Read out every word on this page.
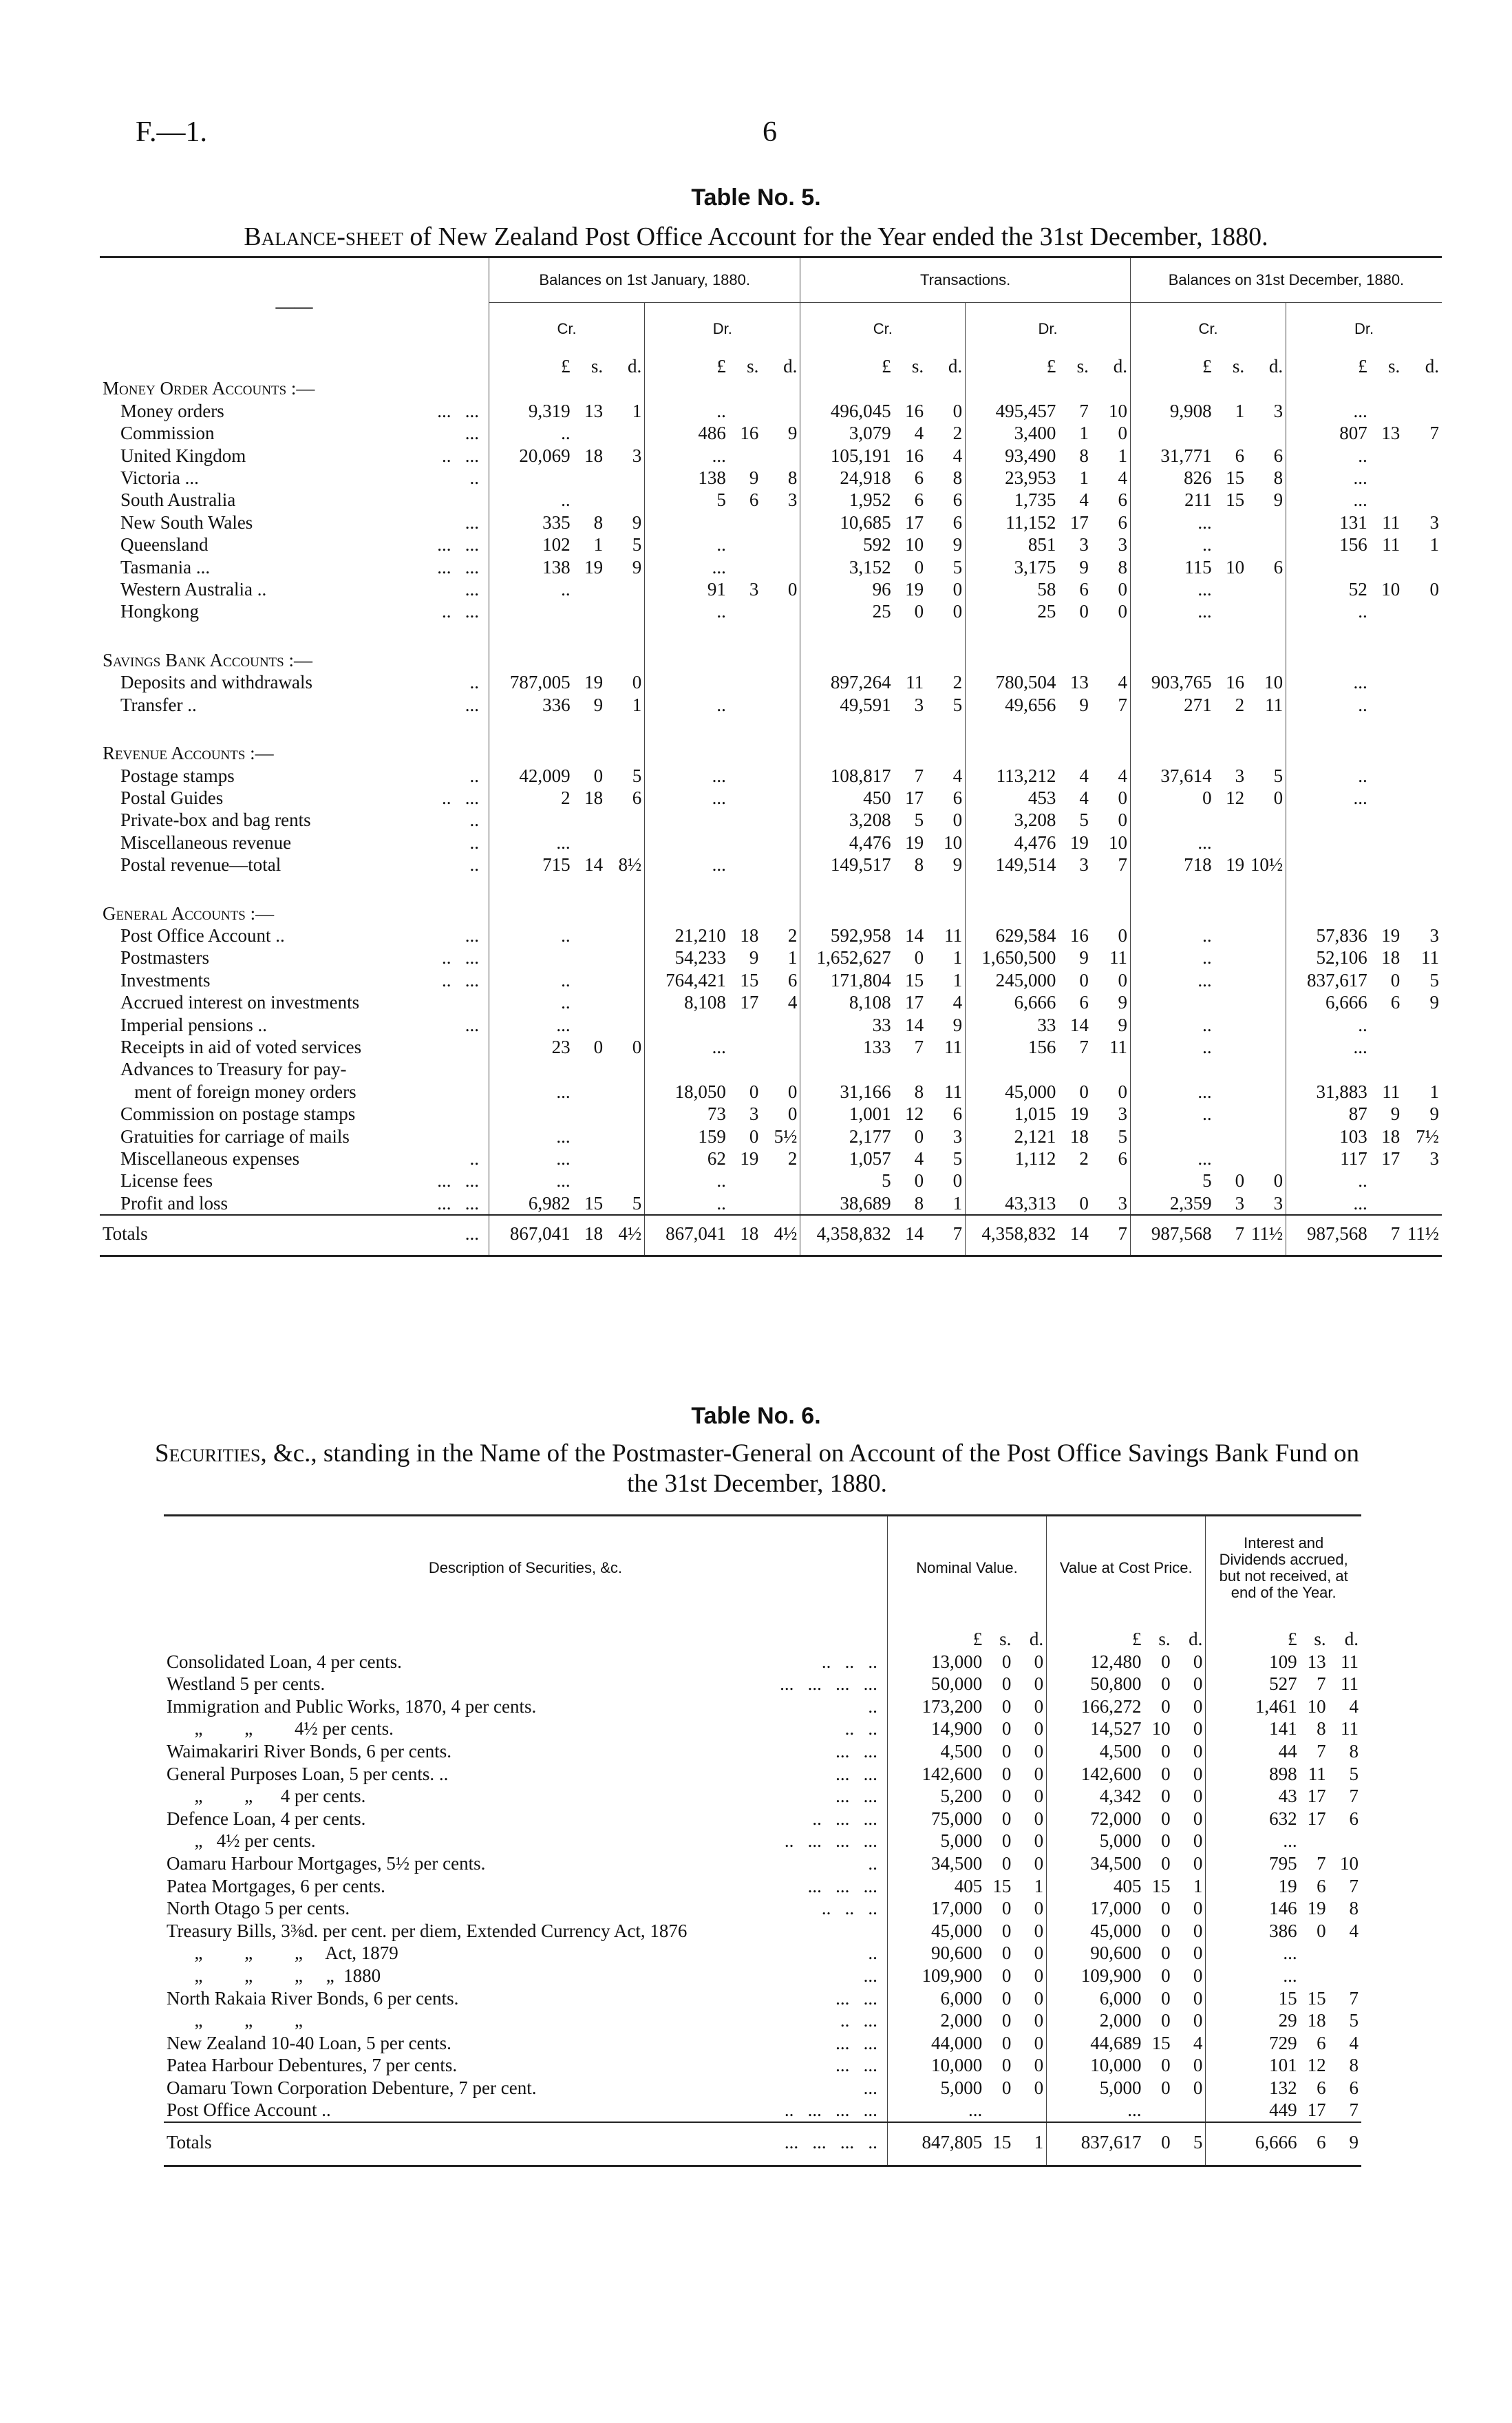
F.—1.	6
Table No. 5.
Balance-sheet of New Zealand Post Office Account for the Year ended the 31st December, 1880.
——	Balances on 1st January, 1880.						Transactions.						Balances on 31st December, 1880.					
	Cr.			Dr.			Cr.			Dr.			Cr.			Dr.		
	£	s.	d.	£	s.	d.	£	s.	d.	£	s.	d.	£	s.	d.	£	s.	d.
Money Order Accounts :—																		
Money orders ...   ...	9,319	13	1	..			496,045	16	0	495,457	7	10	9,908	1	3	...		
Commission ...	..			486	16	9	3,079	4	2	3,400	1	0				807	13	7
United Kingdom ..   ...	20,069	18	3	...			105,191	16	4	93,490	8	1	31,771	6	6	..		
Victoria ... ..				138	9	8	24,918	6	8	23,953	1	4	826	15	8	...		
South Australia	..			5	6	3	1,952	6	6	1,735	4	6	211	15	9	...		
New South Wales ...	335	8	9				10,685	17	6	11,152	17	6	...			131	11	3
Queensland ...   ...	102	1	5	..			592	10	9	851	3	3	..			156	11	1
Tasmania ... ...   ...	138	19	9	...			3,152	0	5	3,175	9	8	115	10	6			
Western Australia .. ...	..			91	3	0	96	19	0	58	6	0	...			52	10	0
Hongkong ..   ...				..			25	0	0	25	0	0	...			..		
Savings Bank Accounts :—																		
Deposits and withdrawals ..	787,005	19	0				897,264	11	2	780,504	13	4	903,765	16	10	...		
Transfer .. ...	336	9	1	..			49,591	3	5	49,656	9	7	271	2	11	..		
Revenue Accounts :—																		
Postage stamps ..	42,009	0	5	...			108,817	7	4	113,212	4	4	37,614	3	5	..		
Postal Guides ..   ...	2	18	6	...			450	17	6	453	4	0	0	12	0	...		
Private-box and bag rents ..							3,208	5	0	3,208	5	0						
Miscellaneous revenue ..	...						4,476	19	10	4,476	19	10	...					
Postal revenue—total ..	715	14	8½	...			149,517	8	9	149,514	3	7	718	19	10½			
General Accounts :—																		
Post Office Account .. ...	..			21,210	18	2	592,958	14	11	629,584	16	0	..			57,836	19	3
Postmasters ..   ...				54,233	9	1	1,652,627	0	1	1,650,500	9	11	..			52,106	18	11
Investments ..   ...	..			764,421	15	6	171,804	15	1	245,000	0	0	...			837,617	0	5
Accrued interest on investments	..			8,108	17	4	8,108	17	4	6,666	6	9				6,666	6	9
Imperial pensions .. ...	...						33	14	9	33	14	9	..			..		
Receipts in aid of voted services	23	0	0	...			133	7	11	156	7	11	..			...		
Advances to Treasury for pay-

ment of foreign money orders	...			18,050	0	0	31,166	8	11	45,000	0	0	...			31,883	11	1
Commission on postage stamps				73	3	0	1,001	12	6	1,015	19	3	..			87	9	9
Gratuities for carriage of mails	...			159	0	5½	2,177	0	3	2,121	18	5				103	18	7½
Miscellaneous expenses ..	...			62	19	2	1,057	4	5	1,112	2	6	...			117	17	3
License fees ...   ...	...			..			5	0	0				5	0	0	..		
Profit and loss ...   ...	6,982	15	5	..			38,689	8	1	43,313	0	3	2,359	3	3	...		
Totals ...	867,041	18	4½	867,041	18	4½	4,358,832	14	7	4,358,832	14	7	987,568	7	11½	987,568	7	11½
Table No. 6.
Securities, &c., standing in the Name of the Postmaster-General on Account of the Post Office Savings Bank Fund on the 31st December, 1880.
Description of Securities, &c.	Nominal Value.			Value at Cost Price.			Interest and Dividends accrued, but not received, at end of the Year.		
	£	s.	d.	£	s.	d.	£	s.	d.
Consolidated Loan, 4 per cents. ..   ..   ..	13,000	0	0	12,480	0	0	109	13	11
Westland 5 per cents. ...   ...   ...   ...	50,000	0	0	50,800	0	0	527	7	11
Immigration and Public Works, 1870, 4 per cents. ..	173,200	0	0	166,272	0	0	1,461	10	4
„         „         4½ per cents. ..   ..	14,900	0	0	14,527	10	0	141	8	11
Waimakariri River Bonds, 6 per cents. ...   ...	4,500	0	0	4,500	0	0	44	7	8
General Purposes Loan, 5 per cents. .. ...   ...	142,600	0	0	142,600	0	0	898	11	5
„         „      4 per cents. ...   ...	5,200	0	0	4,342	0	0	43	17	7
Defence Loan, 4 per cents. ..   ...   ...	75,000	0	0	72,000	0	0	632	17	6
„   4½ per cents. ..   ...   ...   ...	5,000	0	0	5,000	0	0	...		
Oamaru Harbour Mortgages, 5½ per cents. ..	34,500	0	0	34,500	0	0	795	7	10
Patea Mortgages, 6 per cents. ...   ...   ...	405	15	1	405	15	1	19	6	7
North Otago 5 per cents. ..   ..   ..	17,000	0	0	17,000	0	0	146	19	8
Treasury Bills, 3⅜d. per cent. per diem, Extended Currency Act, 1876	45,000	0	0	45,000	0	0	386	0	4
„         „         „     Act, 1879 ..	90,600	0	0	90,600	0	0	...		
„         „         „     „  1880 ...	109,900	0	0	109,900	0	0	...		
North Rakaia River Bonds, 6 per cents. ...   ...	6,000	0	0	6,000	0	0	15	15	7
„         „         „ ..   ...	2,000	0	0	2,000	0	0	29	18	5
New Zealand 10-40 Loan, 5 per cents. ...   ...	44,000	0	0	44,689	15	4	729	6	4
Patea Harbour Debentures, 7 per cents. ...   ...	10,000	0	0	10,000	0	0	101	12	8
Oamaru Town Corporation Debenture, 7 per cent. ...	5,000	0	0	5,000	0	0	132	6	6
Post Office Account .. ..   ...   ...   ...	...			...			449	17	7
Totals ...   ...   ...   ..	847,805	15	1	837,617	0	5	6,666	6	9
